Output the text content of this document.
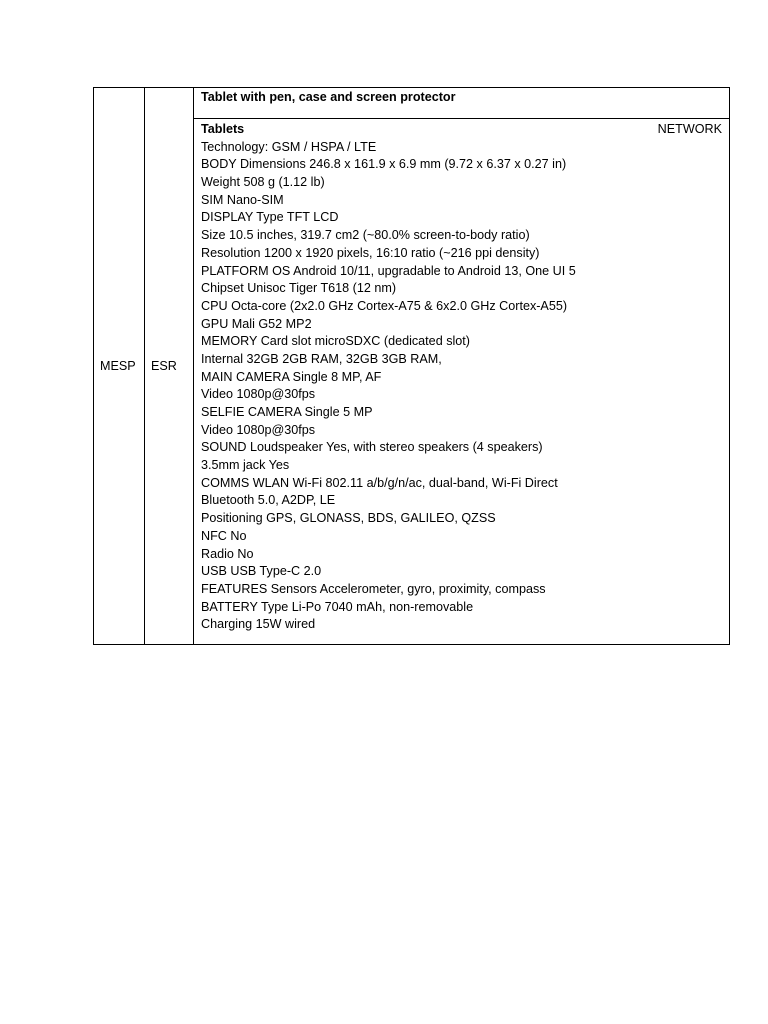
MESP	ESR	Tablet with pen, case and screen protector

Tablets	NETWORK
Technology: GSM / HSPA / LTE
BODY Dimensions 246.8 x 161.9 x 6.9 mm (9.72 x 6.37 x 0.27 in)
Weight 508 g (1.12 lb)
SIM Nano-SIM
DISPLAY Type TFT LCD
Size 10.5 inches, 319.7 cm2 (~80.0% screen-to-body ratio)
Resolution 1200 x 1920 pixels, 16:10 ratio (~216 ppi density)
PLATFORM OS Android 10/11, upgradable to Android 13, One UI 5
Chipset Unisoc Tiger T618 (12 nm)
CPU Octa-core (2x2.0 GHz Cortex-A75 & 6x2.0 GHz Cortex-A55)
GPU Mali G52 MP2
MEMORY Card slot microSDXC (dedicated slot)
Internal 32GB 2GB RAM, 32GB 3GB RAM,
MAIN CAMERA Single 8 MP, AF
Video 1080p@30fps
SELFIE CAMERA Single 5 MP
Video 1080p@30fps
SOUND Loudspeaker Yes, with stereo speakers (4 speakers)
3.5mm jack Yes
COMMS WLAN Wi-Fi 802.11 a/b/g/n/ac, dual-band, Wi-Fi Direct
Bluetooth 5.0, A2DP, LE
Positioning GPS, GLONASS, BDS, GALILEO, QZSS
NFC No
Radio No
USB USB Type-C 2.0
FEATURES Sensors Accelerometer, gyro, proximity, compass
BATTERY Type Li-Po 7040 mAh, non-removable
Charging 15W wired
